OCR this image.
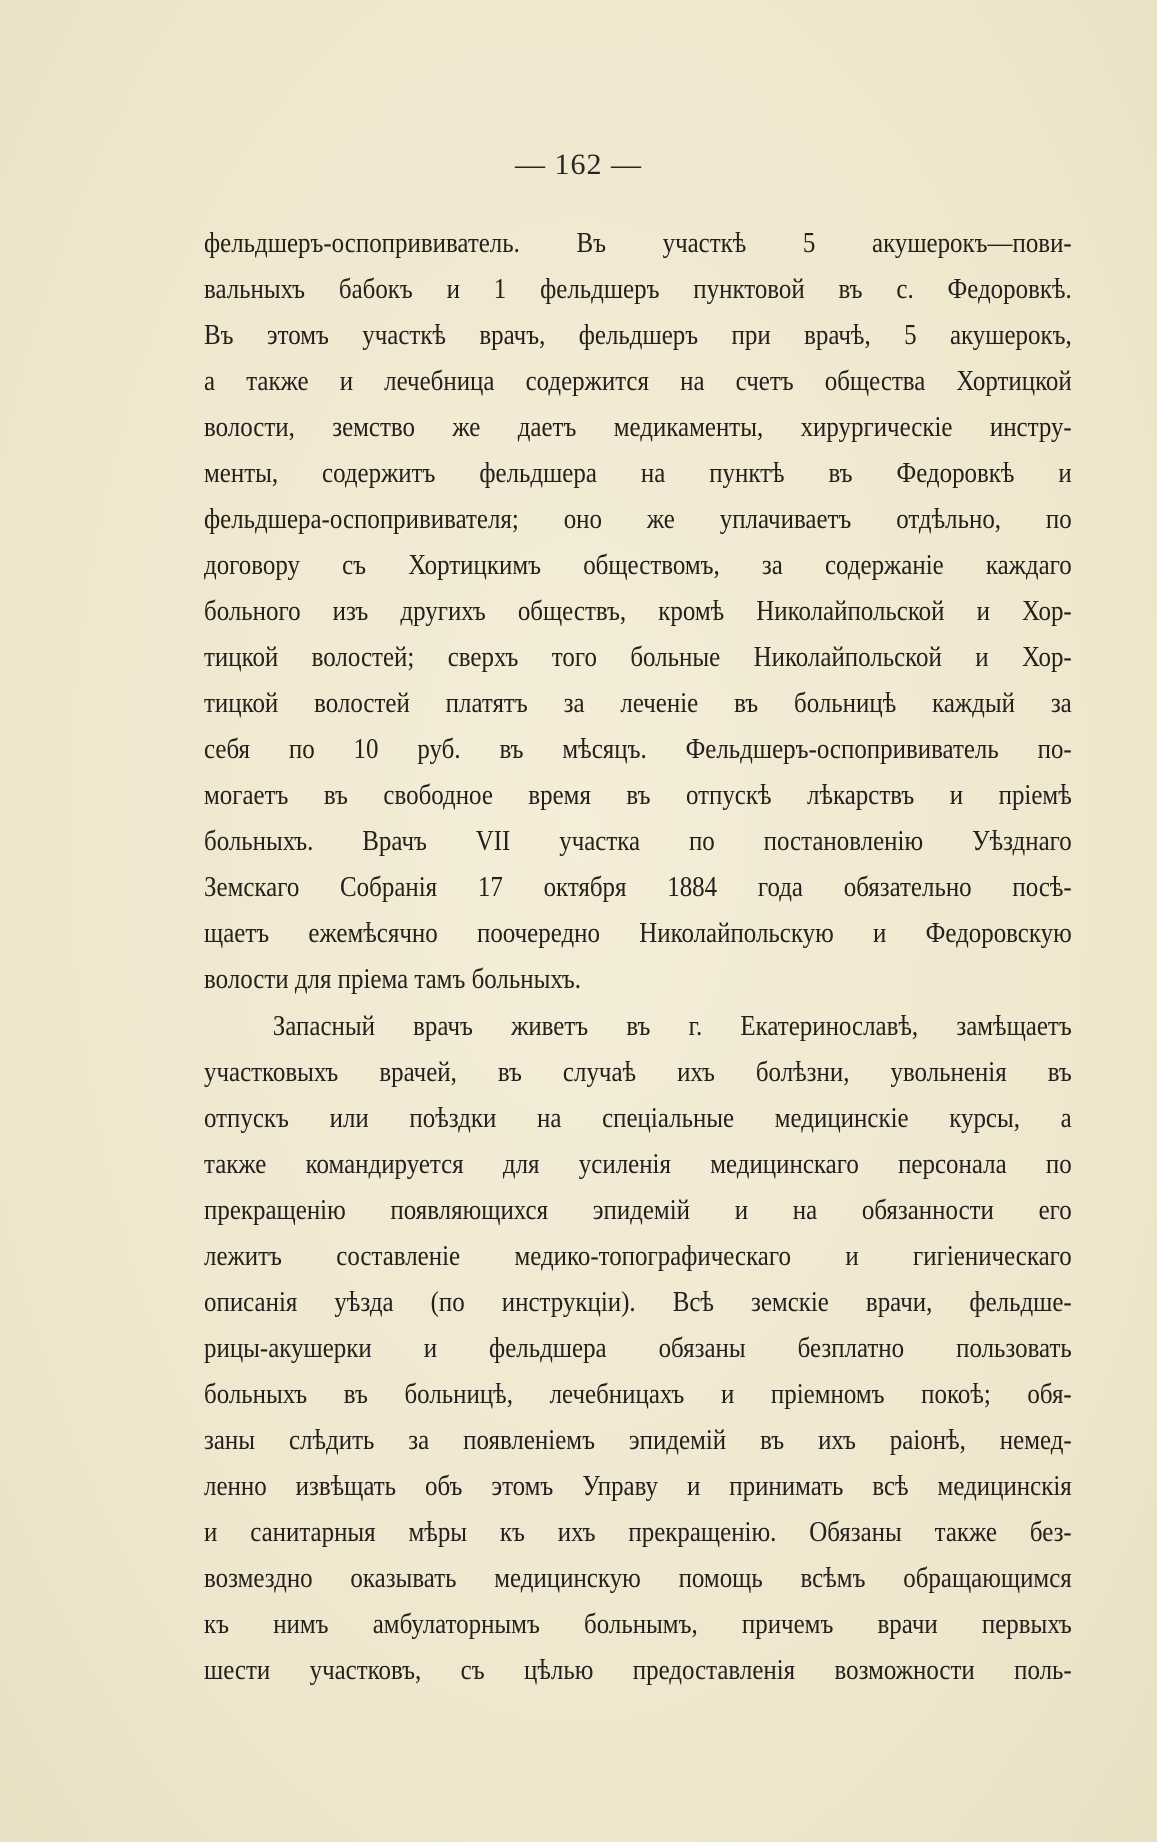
— 162 —
фельдшеръ-оспопрививатель. Въ участкѣ 5 акушерокъ—пови-
вальныхъ бабокъ и 1 фельдшеръ пунктовой въ с. Федоровкѣ.
Въ этомъ участкѣ врачъ, фельдшеръ при врачѣ, 5 акушерокъ,
а также и лечебница содержится на счетъ общества Хортицкой
волости, земство же даетъ медикаменты, хирургическіе инстру-
менты, содержитъ фельдшера на пунктѣ въ Федоровкѣ и
фельдшера-оспопрививателя; оно же уплачиваетъ отдѣльно, по
договору съ Хортицкимъ обществомъ, за содержаніе каждаго
больного изъ другихъ обществъ, кромѣ Николайпольской и Хор-
тицкой волостей; сверхъ того больные Николайпольской и Хор-
тицкой волостей платятъ за леченіе въ больницѣ каждый за
себя по 10 руб. въ мѣсяцъ. Фельдшеръ-оспопрививатель по-
могаетъ въ свободное время въ отпускѣ лѣкарствъ и пріемѣ
больныхъ. Врачъ VII участка по постановленію Уѣзднаго
Земскаго Собранія 17 октября 1884 года обязательно посѣ-
щаетъ ежемѣсячно поочередно Николайпольскую и Федоровскую
волости для пріема тамъ больныхъ.
Запасный врачъ живетъ въ г. Екатеринославѣ, замѣщаетъ
участковыхъ врачей, въ случаѣ ихъ болѣзни, увольненія въ
отпускъ или поѣздки на спеціальные медицинскіе курсы, а
также командируется для усиленія медицинскаго персонала по
прекращенію появляющихся эпидемій и на обязанности его
лежитъ составленіе медико-топографическаго и гигіеническаго
описанія уѣзда (по инструкціи). Всѣ земскіе врачи, фельдше-
рицы-акушерки и фельдшера обязаны безплатно пользовать
больныхъ въ больницѣ, лечебницахъ и пріемномъ покоѣ; обя-
заны слѣдить за появленіемъ эпидемій въ ихъ раіонѣ, немед-
ленно извѣщать объ этомъ Управу и принимать всѣ медицинскія
и санитарныя мѣры къ ихъ прекращенію. Обязаны также без-
возмездно оказывать медицинскую помощь всѣмъ обращающимся
къ нимъ амбулаторнымъ больнымъ, причемъ врачи первыхъ
шести участковъ, съ цѣлью предоставленія возможности поль-
